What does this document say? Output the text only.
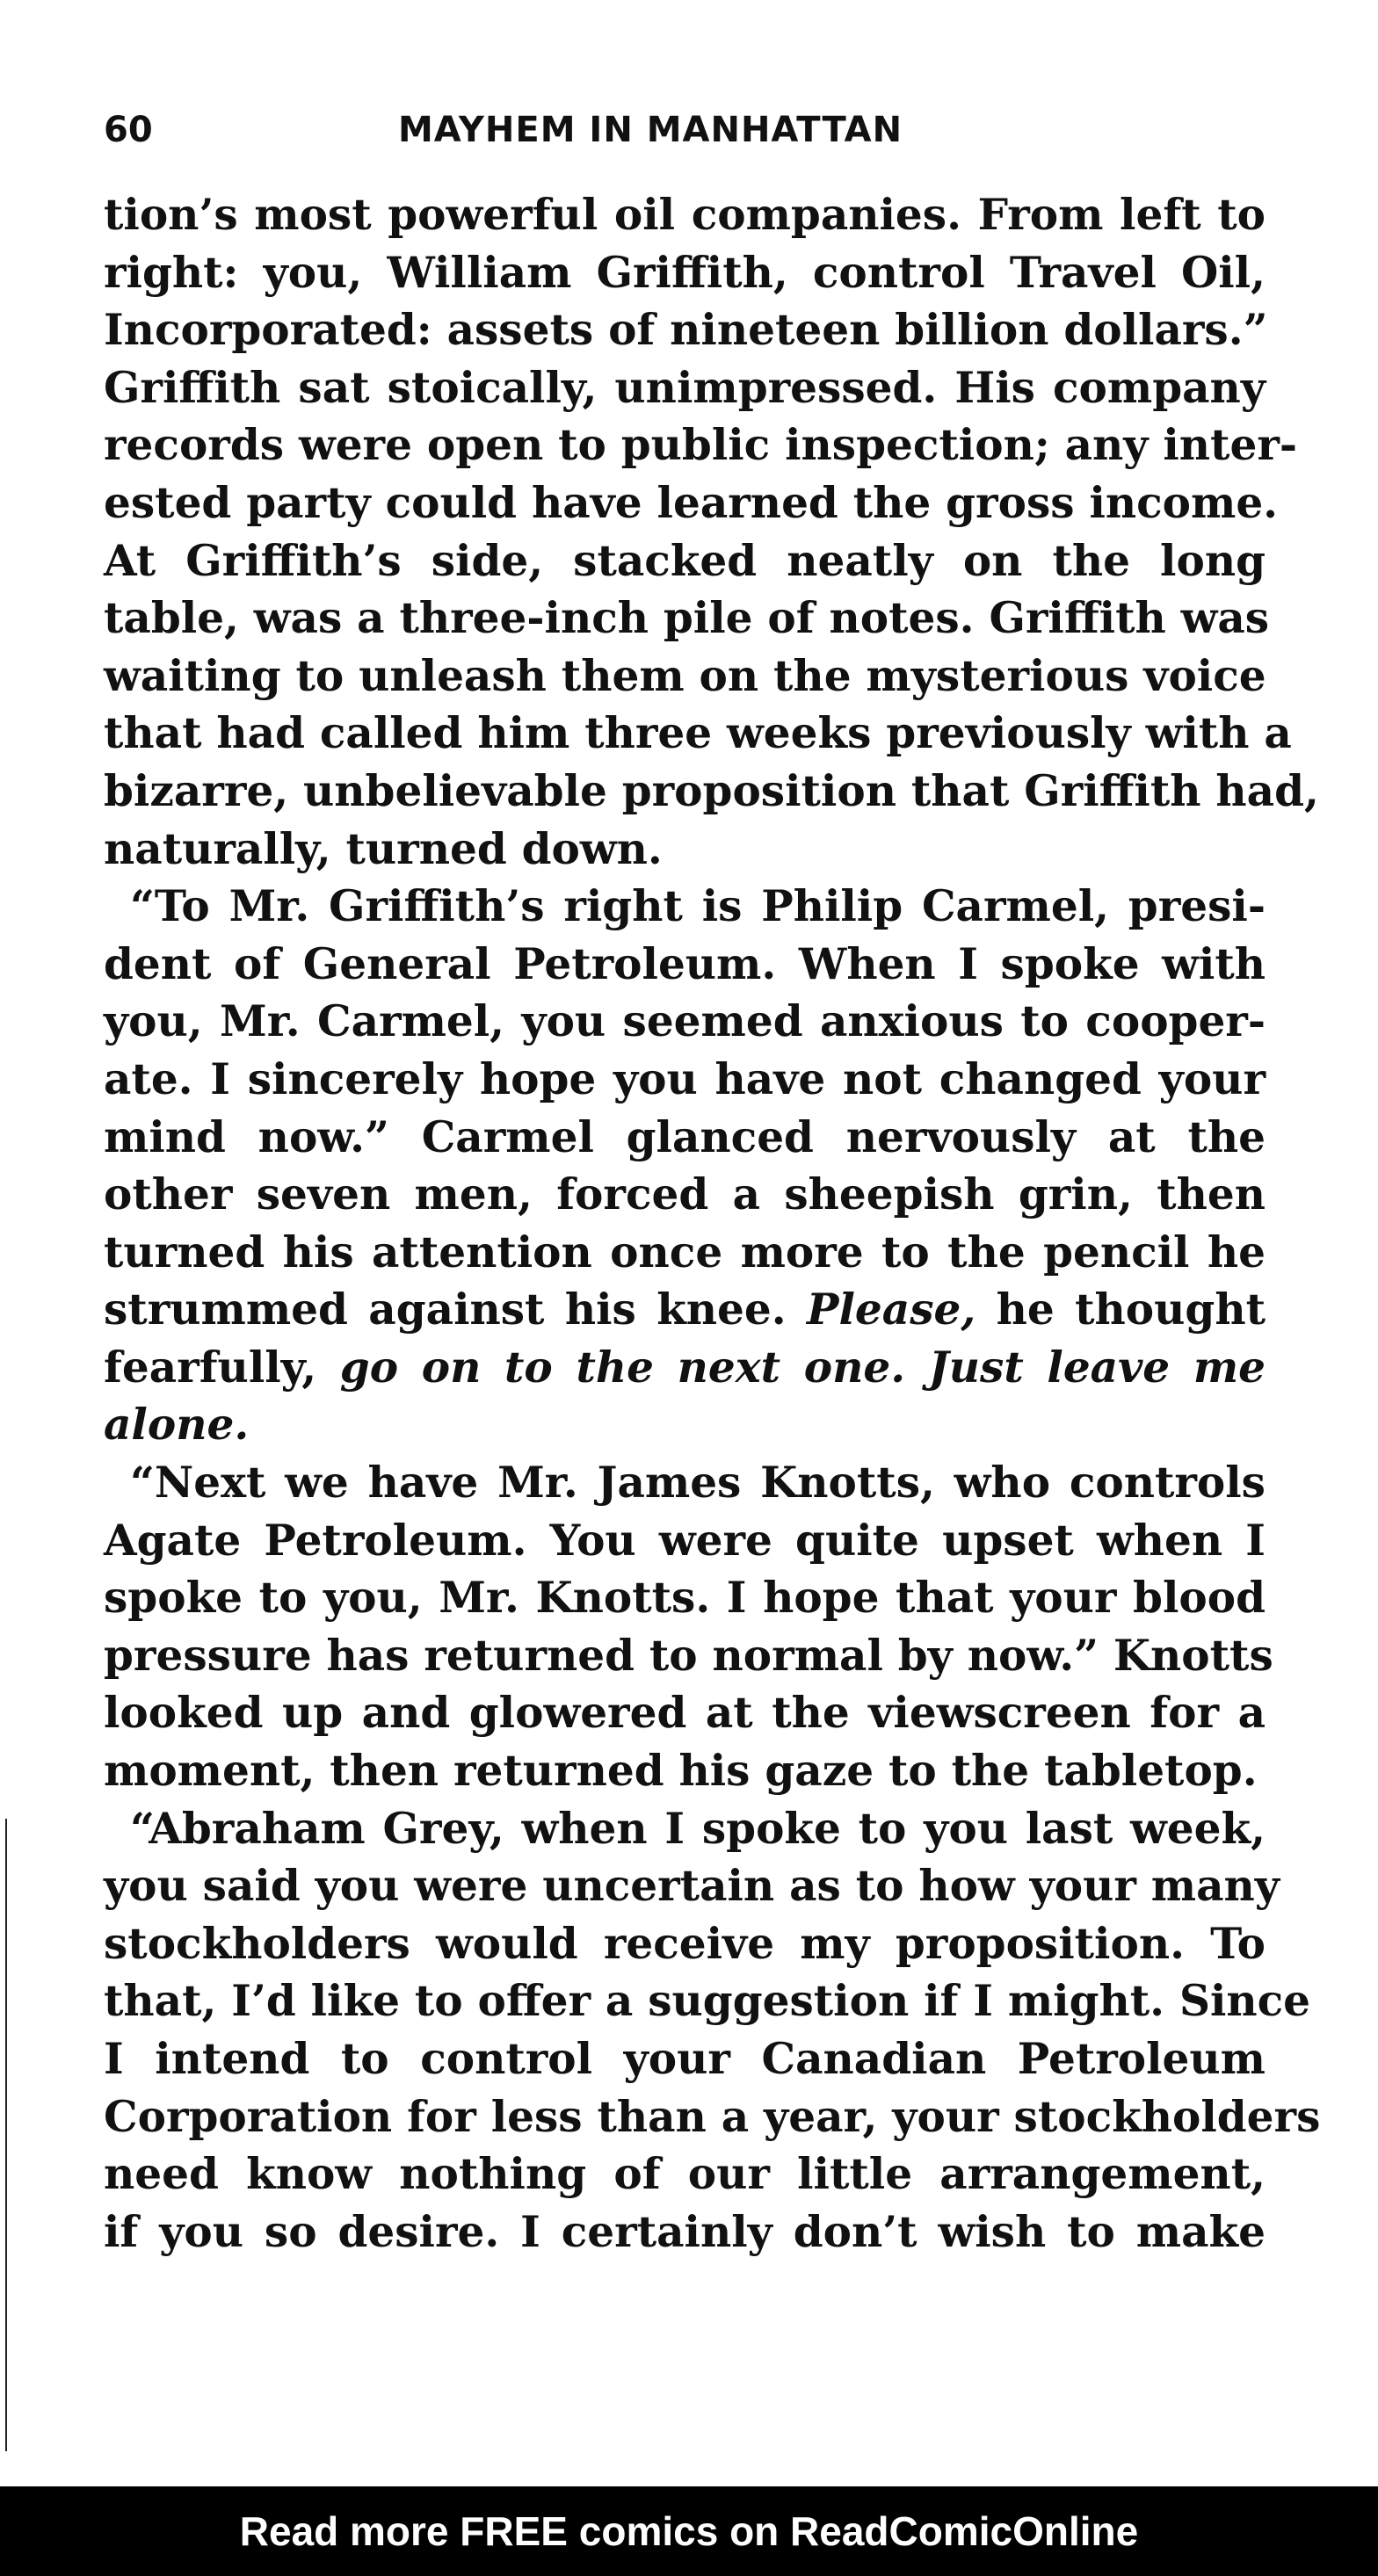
60	MAYHEM IN MANHATTAN
tion’s most powerful oil companies. From left to
right: you, William Griffith, control Travel Oil,
Incorporated: assets of nineteen billion dollars.”
Griffith sat stoically, unimpressed. His company
records were open to public inspection; any inter-
ested party could have learned the gross income.
At Griffith’s side, stacked neatly on the long
table, was a three-inch pile of notes. Griffith was
waiting to unleash them on the mysterious voice
that had called him three weeks previously with a
bizarre, unbelievable proposition that Griffith had,
naturally, turned down.
“To Mr. Griffith’s right is Philip Carmel, presi-
dent of General Petroleum. When I spoke with
you, Mr. Carmel, you seemed anxious to cooper-
ate. I sincerely hope you have not changed your
mind now.” Carmel glanced nervously at the
other seven men, forced a sheepish grin, then
turned his attention once more to the pencil he
strummed against his knee. Please, he thought
fearfully, go on to the next one. Just leave me
alone.
“Next we have Mr. James Knotts, who controls
Agate Petroleum. You were quite upset when I
spoke to you, Mr. Knotts. I hope that your blood
pressure has returned to normal by now.” Knotts
looked up and glowered at the viewscreen for a
moment, then returned his gaze to the tabletop.
“Abraham Grey, when I spoke to you last week,
you said you were uncertain as to how your many
stockholders would receive my proposition. To
that, I’d like to offer a suggestion if I might. Since
I intend to control your Canadian Petroleum
Corporation for less than a year, your stockholders
need know nothing of our little arrangement,
if you so desire. I certainly don’t wish to make
Read more FREE comics on ReadComicOnline
